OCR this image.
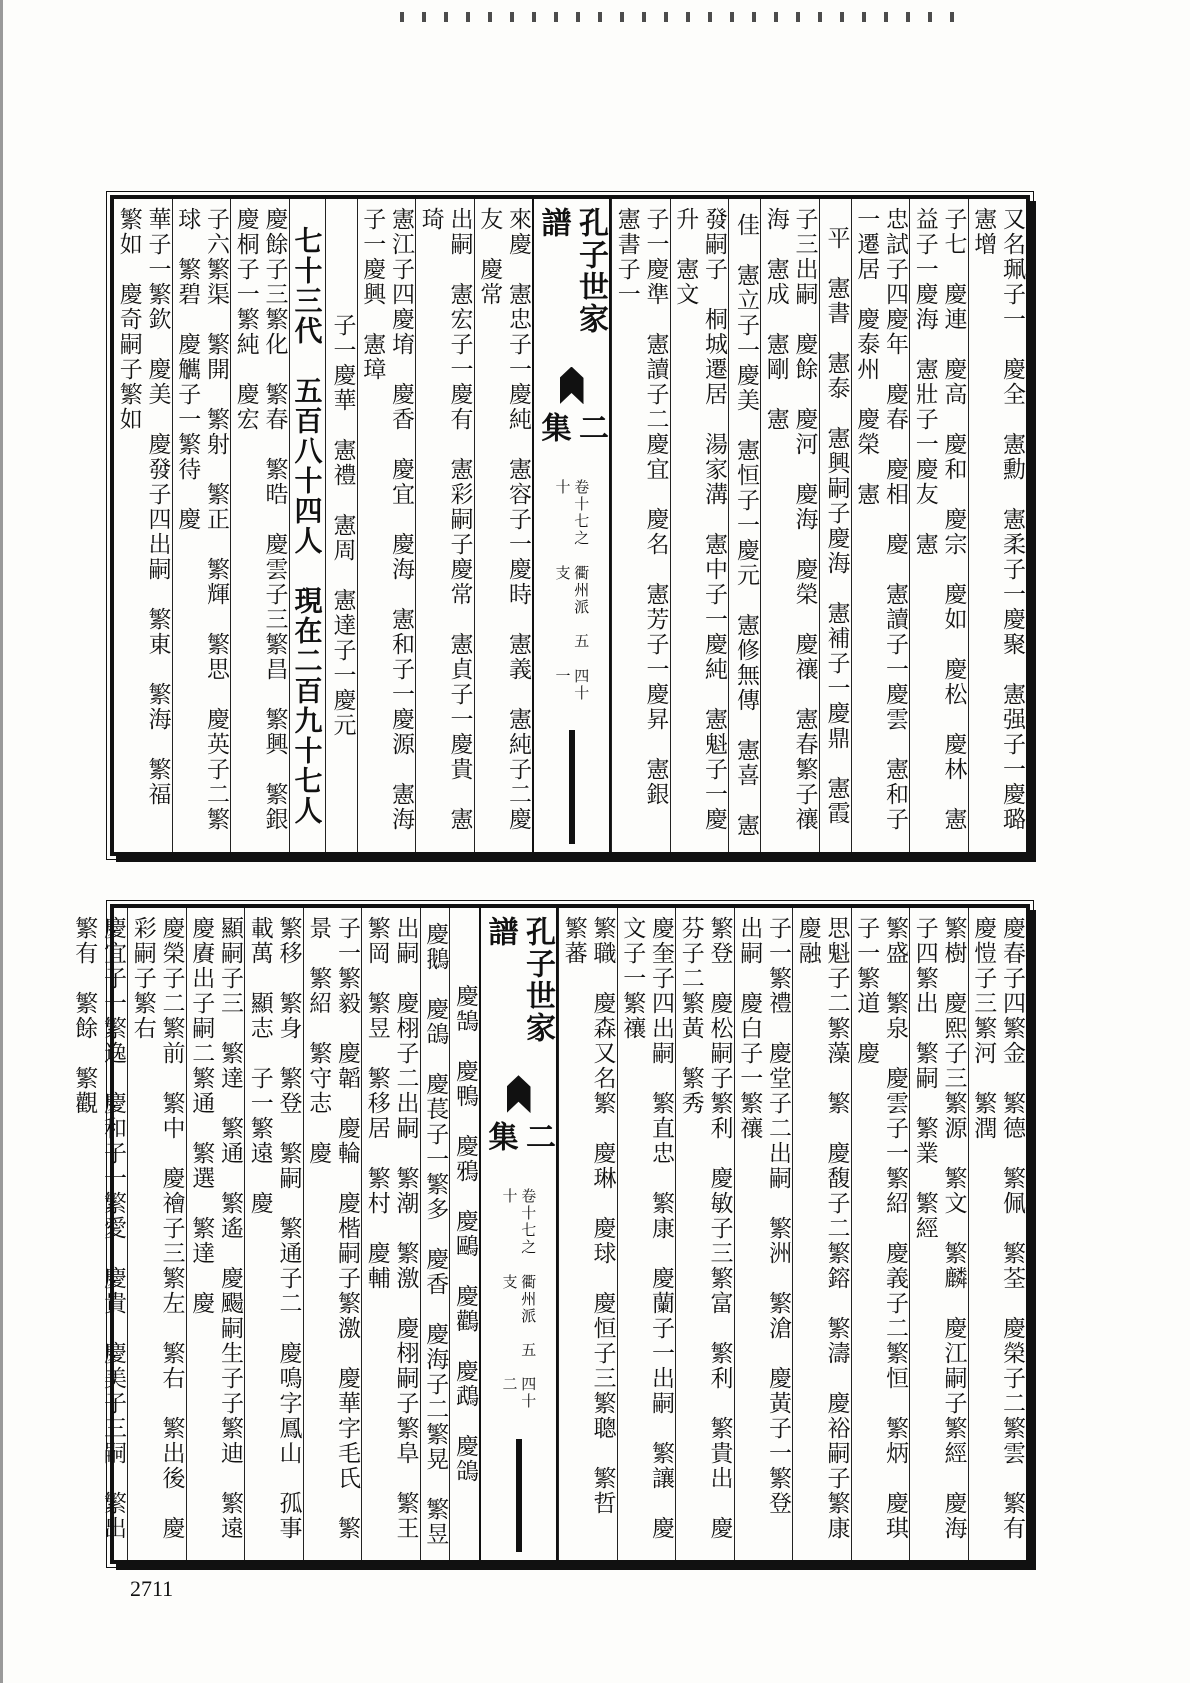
又名珮子一　慶全　憲勳　憲柔子一慶聚　憲强子一慶璐　憲增
子七　慶連　慶高　慶和　慶宗　慶如　慶松　慶林　憲益子一慶海　憲壯子一慶友　憲
忠試子四慶年　慶春　慶相　慶　憲讀子一慶雲　憲和子一遷居　慶泰州　慶榮　憲
平　憲書　憲泰　憲興嗣子慶海　憲補子一慶鼎　憲霞
子三出嗣　慶餘　慶河　慶海　慶榮　慶禳　憲春繁子禳海　憲成　憲剛　憲
佳　憲立子一慶美　憲恒子一慶元　憲修無傳　憲喜　憲
發嗣子　桐城遷居　湯家溝　憲中子一慶純　憲魁子一慶升　憲文
子一慶準　憲讀子二慶宜　慶名　憲芳子一慶昇　憲銀　憲書子一
孔子世家譜
二集
卷十七之十
衢州派　五支
四十一
來慶　憲忠子一慶純　憲容子一慶時　憲義　憲純子二慶友　慶常
出嗣　憲宏子一慶有　憲彩嗣子慶常　憲貞子一慶貴　憲琦
憲江子四慶堉　慶香　慶宜　慶海　憲和子一慶源　憲海子一慶興　憲璋
子一慶華　憲禮　憲周　憲達子一慶元
七十三代　五百八十四人　現在二百九十七人
慶餘子三繁化　繁春　繁晧　慶雲子三繁昌　繁興　繁銀　慶桐子一繁純　慶宏
子六繁渠　繁開　繁射　繁正　繁輝　繁思　慶英子二繁球　繁碧　慶觽子一繁待　慶
華子一繁欽　慶美　慶發子四出嗣　繁東　繁海　繁福　繁如　慶奇嗣子繁如
慶春子四繁金　繁德　繁佩　繁荃　慶榮子二繁雲　繁有　慶愷子三繁河　繁潤
繁樹　慶熙子三繁源　繁文　繁麟　慶江嗣子繁經　慶海子四繁出　繁嗣　繁業　繁經
繁盛　繁泉　慶雲子一繁紹　慶義子二繁恒　繁炳　慶琪子一繁道　慶
思魁子二繁藻　繁　慶馥子二繁鎔　繁濤　慶裕嗣子繁康　慶融
子一繁禮　慶堂子二出嗣　繁洲　繁滄　慶黃子一繁登　出嗣　慶白子一繁禳
繁登　慶松嗣子繁利　慶敏子三繁富　繁利　繁貴出　慶芬子二繁黃　繁秀
慶奎子四出嗣　繁直忠　繁康　慶蘭子一出嗣　繁讓　慶文子一繁禳
繁職　慶森又名繁　慶琳　慶球　慶恒子三繁聰　繁哲　繁蕃
孔子世家譜
二集
卷十七之十
衢州派　五支
四十二
慶鵠　慶鴨　慶鴉　慶鷗　慶鸛　慶鵡　慶鴿
慶鵝　慶鴿　慶萇子一繁多　慶香　慶海子二繁晃　繁昱
出嗣　慶栩子二出嗣　繁潮　繁激　慶栩嗣子繁阜　繁王　繁岡　繁昱　繁移居　繁村　慶輔
子一繁毅　慶韜　慶輪　慶楷嗣子繁激　慶華字毛氏　繁景　繁紹　繁守志　慶
繁移　繁身　繁登　繁嗣　繁通子二　慶鳴字鳳山　孤事　載萬　顯志　子一繁遠　慶
顯嗣子三　繁達　繁通　繁遙　慶颺嗣生子子繁迪　繁遠　慶賡出子嗣二繁通　繁選　繁達　慶
慶榮子二繁前　繁中　慶禬子三繁左　繁右　繁出後　慶彩嗣子繁右
慶宜子一繁逸　慶和子一繁愛　慶貴　慶美子三嗣　繁出　繁有　繁餘　繁觀
2711
